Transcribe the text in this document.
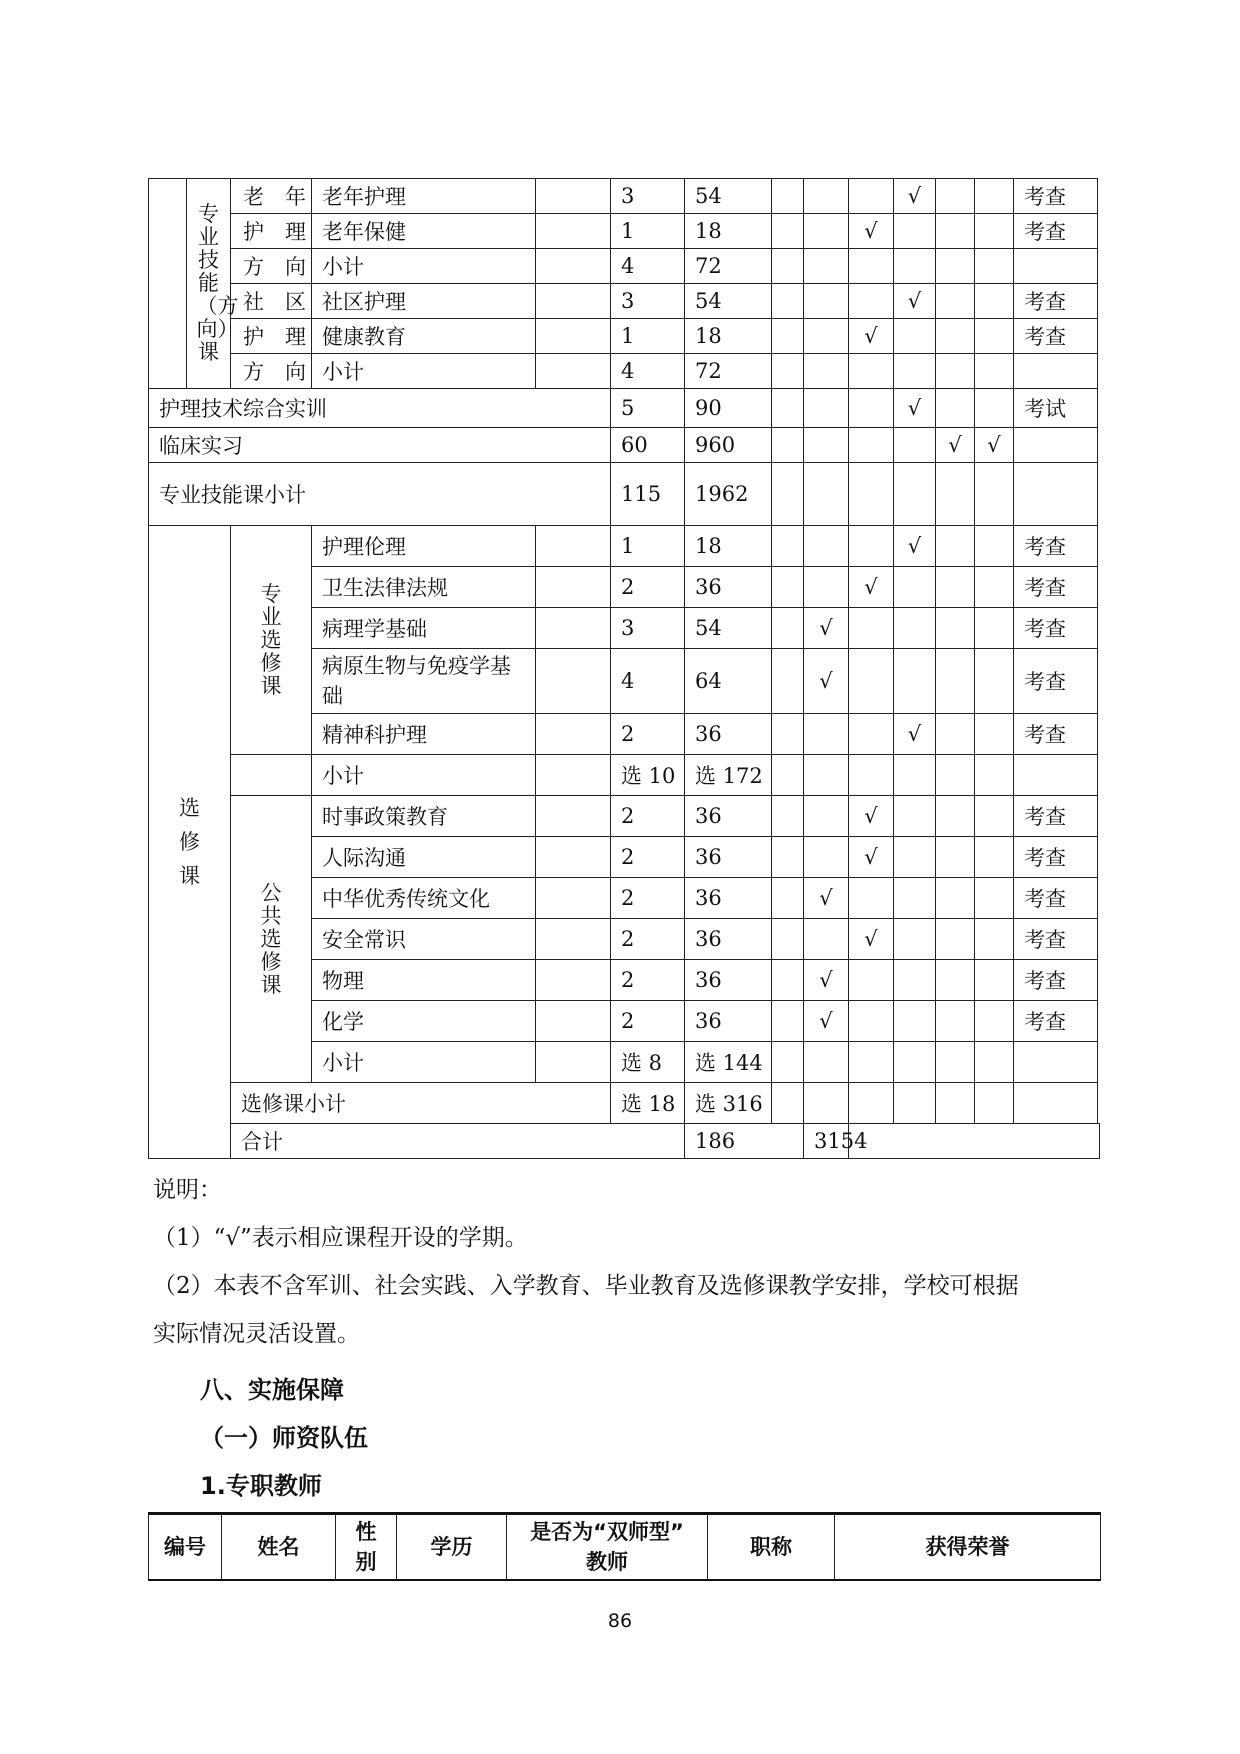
	专业技能（方向）课	老　年	老年护理		3	54				√			考查

		护　理	老年保健		1	18			√				考查

		方　向	小计		4	72							

		社　区	社区护理		3	54				√			考查

		护　理	健康教育		1	18			√				考查

		方　向	小计		4	72							
护理技术综合实训					5	90				√			考试
临床实习					60	960					√	√	
专业技能课小计					115	1962							
选修课		专业选修课	护理伦理		1	18				√			考查
			卫生法律法规		2	36			√				考查
			病理学基础		3	54		√					考查
			病原生物与免疫学基础		4	64		√					考查
			精神科护理		2	36				√			考查
			小计		选 10	选 172							
		公共选修课	时事政策教育		2	36			√				考查
			人际沟通		2	36			√				考查
			中华优秀传统文化		2	36		√					考查
			安全常识		2	36			√				考查
			物理		2	36		√					考查
			化学		2	36		√					考查
			小计		选 8	选 144							
		选修课小计			选 18	选 316							
		合计				186		3154					
说明：
（1）“√”表示相应课程开设的学期。
（2）本表不含军训、社会实践、入学教育、毕业教育及选修课教学安排，学校可根据
实际情况灵活设置。
八、实施保障
（一）师资队伍
1.专职教师
编号	姓名	性
别	学历	是否为“双师型”
教师	职称	获得荣誉
86
